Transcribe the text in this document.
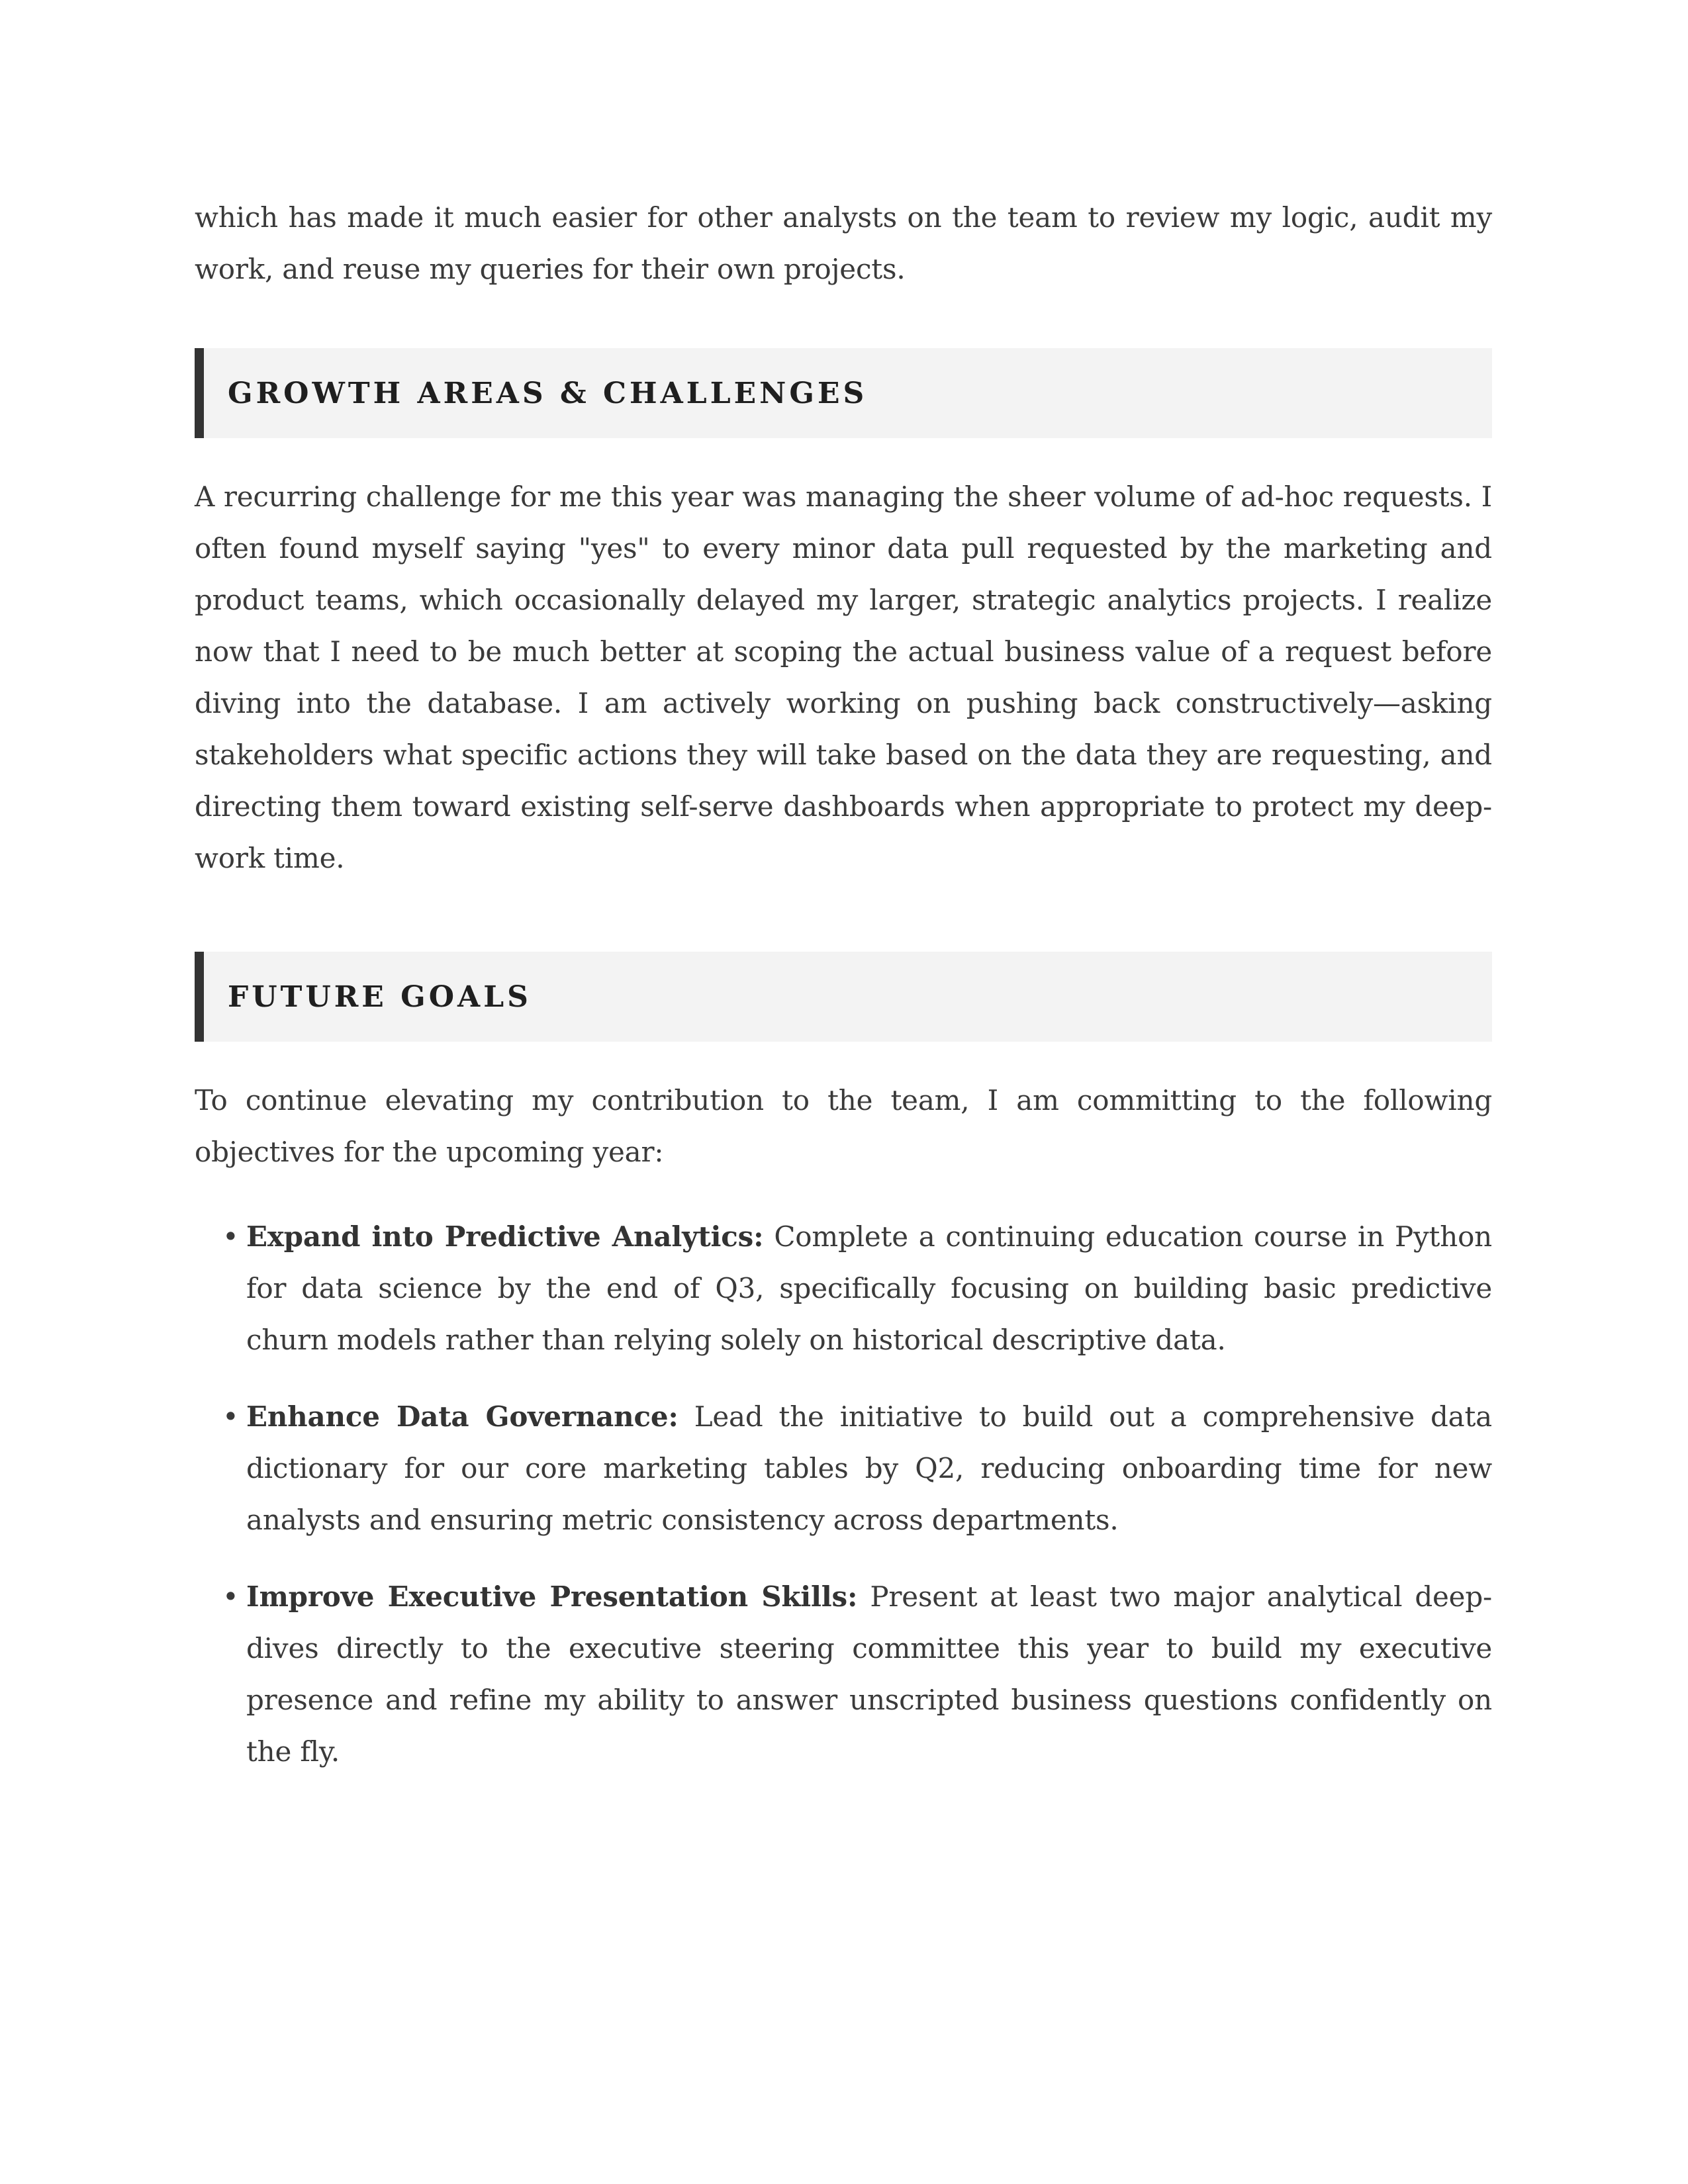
which has made it much easier for other analysts on the team to review my logic, audit my work, and reuse my queries for their own projects.

GROWTH AREAS & CHALLENGES

A recurring challenge for me this year was managing the sheer volume of ad-hoc requests. I often found myself saying "yes" to every minor data pull requested by the marketing and product teams, which occasionally delayed my larger, strategic analytics projects. I realize now that I need to be much better at scoping the actual business value of a request before diving into the database. I am actively working on pushing back constructively—asking stakeholders what specific actions they will take based on the data they are requesting, and directing them toward existing self-serve dashboards when appropriate to protect my deep-work time.

FUTURE GOALS

To continue elevating my contribution to the team, I am committing to the following objectives for the upcoming year:

• Expand into Predictive Analytics: Complete a continuing education course in Python for data science by the end of Q3, specifically focusing on building basic predictive churn models rather than relying solely on historical descriptive data.
• Enhance Data Governance: Lead the initiative to build out a comprehensive data dictionary for our core marketing tables by Q2, reducing onboarding time for new analysts and ensuring metric consistency across departments.
• Improve Executive Presentation Skills: Present at least two major analytical deep-dives directly to the executive steering committee this year to build my executive presence and refine my ability to answer unscripted business questions confidently on the fly.
